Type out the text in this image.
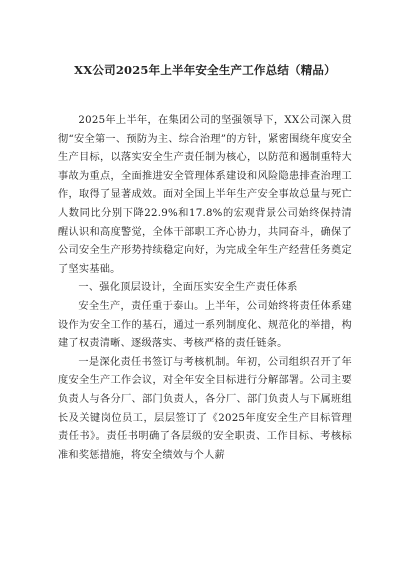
XX公司2025年上半年安全生产工作总结（精品）

2025年上半年，在集团公司的坚强领导下，XX公司深入贯彻“安全第一、预防为主、综合治理”的方针，紧密围绕年度安全生产目标，以落实安全生产责任制为核心，以防范和遏制重特大事故为重点，全面推进安全管理体系建设和风险隐患排查治理工作，取得了显著成效。面对全国上半年生产安全事故总量与死亡人数同比分别下降22.9%和17.8%的宏观背景公司始终保持清醒认识和高度警觉，全体干部职工齐心协力，共同奋斗，确保了公司安全生产形势持续稳定向好，为完成全年生产经营任务奠定了坚实基础。

一、强化顶层设计，全面压实安全生产责任体系

安全生产，责任重于泰山。上半年，公司始终将责任体系建设作为安全工作的基石，通过一系列制度化、规范化的举措，构建了权责清晰、逐级落实、考核严格的责任链条。

一是深化责任书签订与考核机制。年初，公司组织召开了年度安全生产工作会议，对全年安全目标进行分解部署。公司主要负责人与各分厂、部门负责人，各分厂、部门负责人与下属班组长及关键岗位员工，层层签订了《2025年度安全生产目标管理责任书》。责任书明确了各层级的安全职责、工作目标、考核标准和奖惩措施，将安全绩效与个人薪
